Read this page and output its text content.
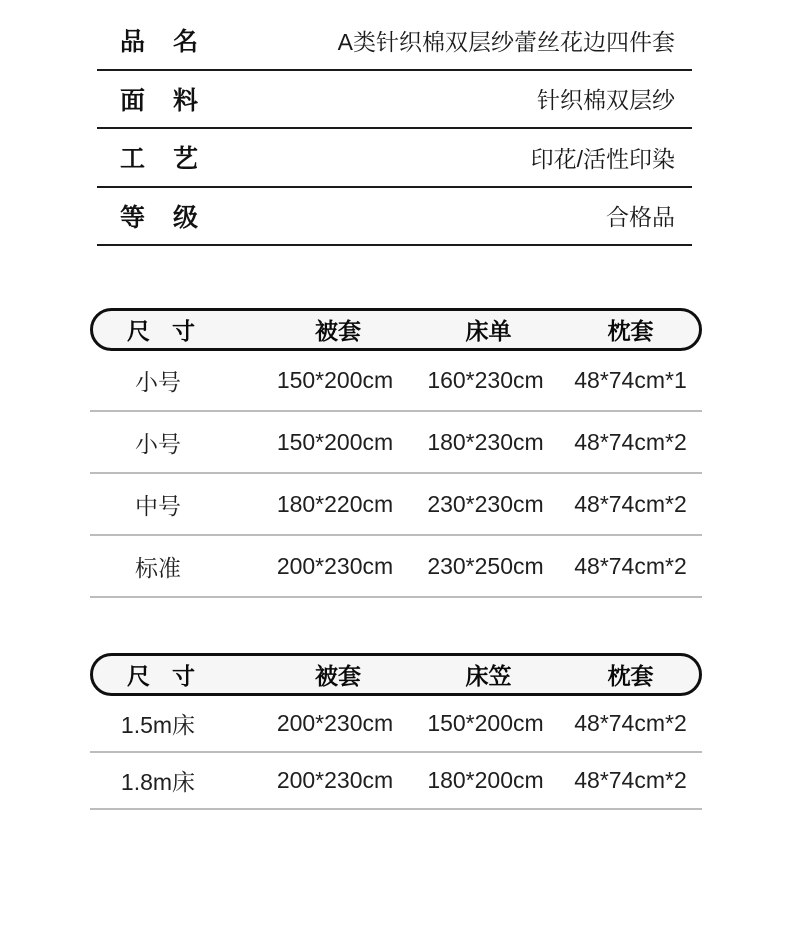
品 名	A类针织棉双层纱蕾丝花边四件套
面 料	针织棉双层纱
工 艺	印花/活性印染
等 级	合格品
尺 寸	被套	床单	枕套
小号	150*200cm	160*230cm	48*74cm*1
小号	150*200cm	180*230cm	48*74cm*2
中号	180*220cm	230*230cm	48*74cm*2
标准	200*230cm	230*250cm	48*74cm*2
尺 寸	被套	床笠	枕套
1.5m床	200*230cm	150*200cm	48*74cm*2
1.8m床	200*230cm	180*200cm	48*74cm*2
